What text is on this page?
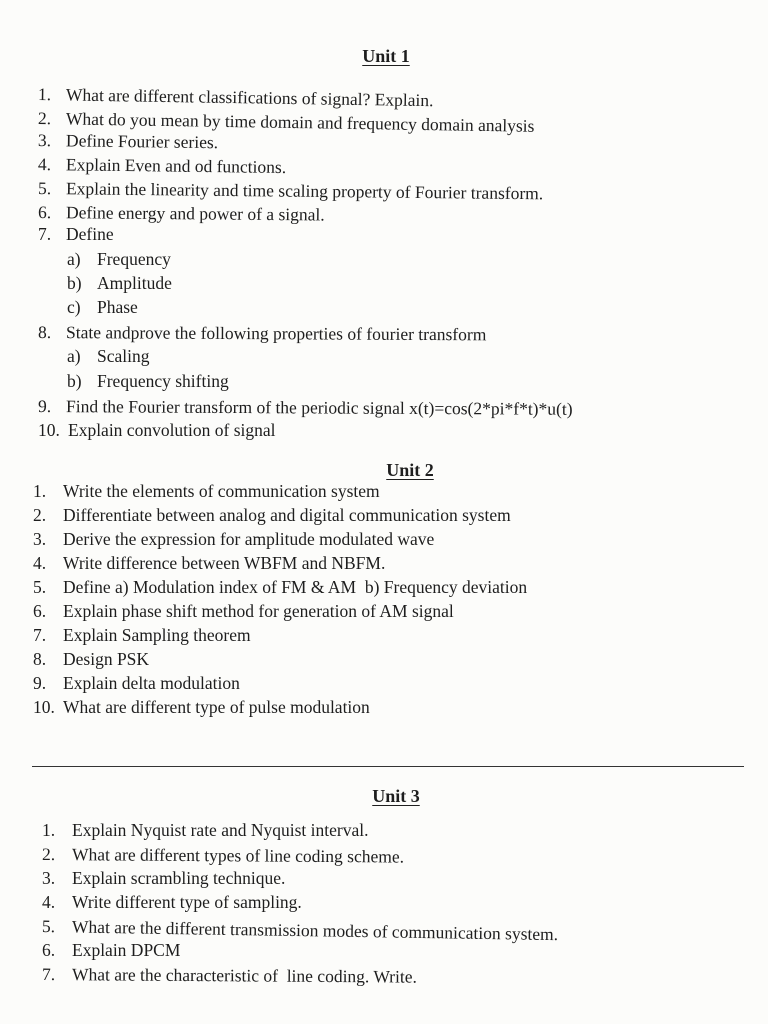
Unit 1
1. What are different classifications of signal? Explain.
2. What do you mean by time domain and frequency domain analysis
3. Define Fourier series.
4. Explain Even and od functions.
5. Explain the linearity and time scaling property of Fourier transform.
6. Define energy and power of a signal.
7. Define
a) Frequency
b) Amplitude
c) Phase
8. State andprove the following properties of fourier transform
a) Scaling
b) Frequency shifting
9. Find the Fourier transform of the periodic signal x(t)=cos(2*pi*f*t)*u(t)
10. Explain convolution of signal
Unit 2
1. Write the elements of communication system
2. Differentiate between analog and digital communication system
3. Derive the expression for amplitude modulated wave
4. Write difference between WBFM and NBFM.
5. Define a) Modulation index of FM & AM  b) Frequency deviation
6. Explain phase shift method for generation of AM signal
7. Explain Sampling theorem
8. Design PSK
9. Explain delta modulation
10. What are different type of pulse modulation
Unit 3
1. Explain Nyquist rate and Nyquist interval.
2. What are different types of line coding scheme.
3. Explain scrambling technique.
4. Write different type of sampling.
5. What are the different transmission modes of communication system.
6. Explain DPCM
7. What are the characteristic of  line coding. Write.
